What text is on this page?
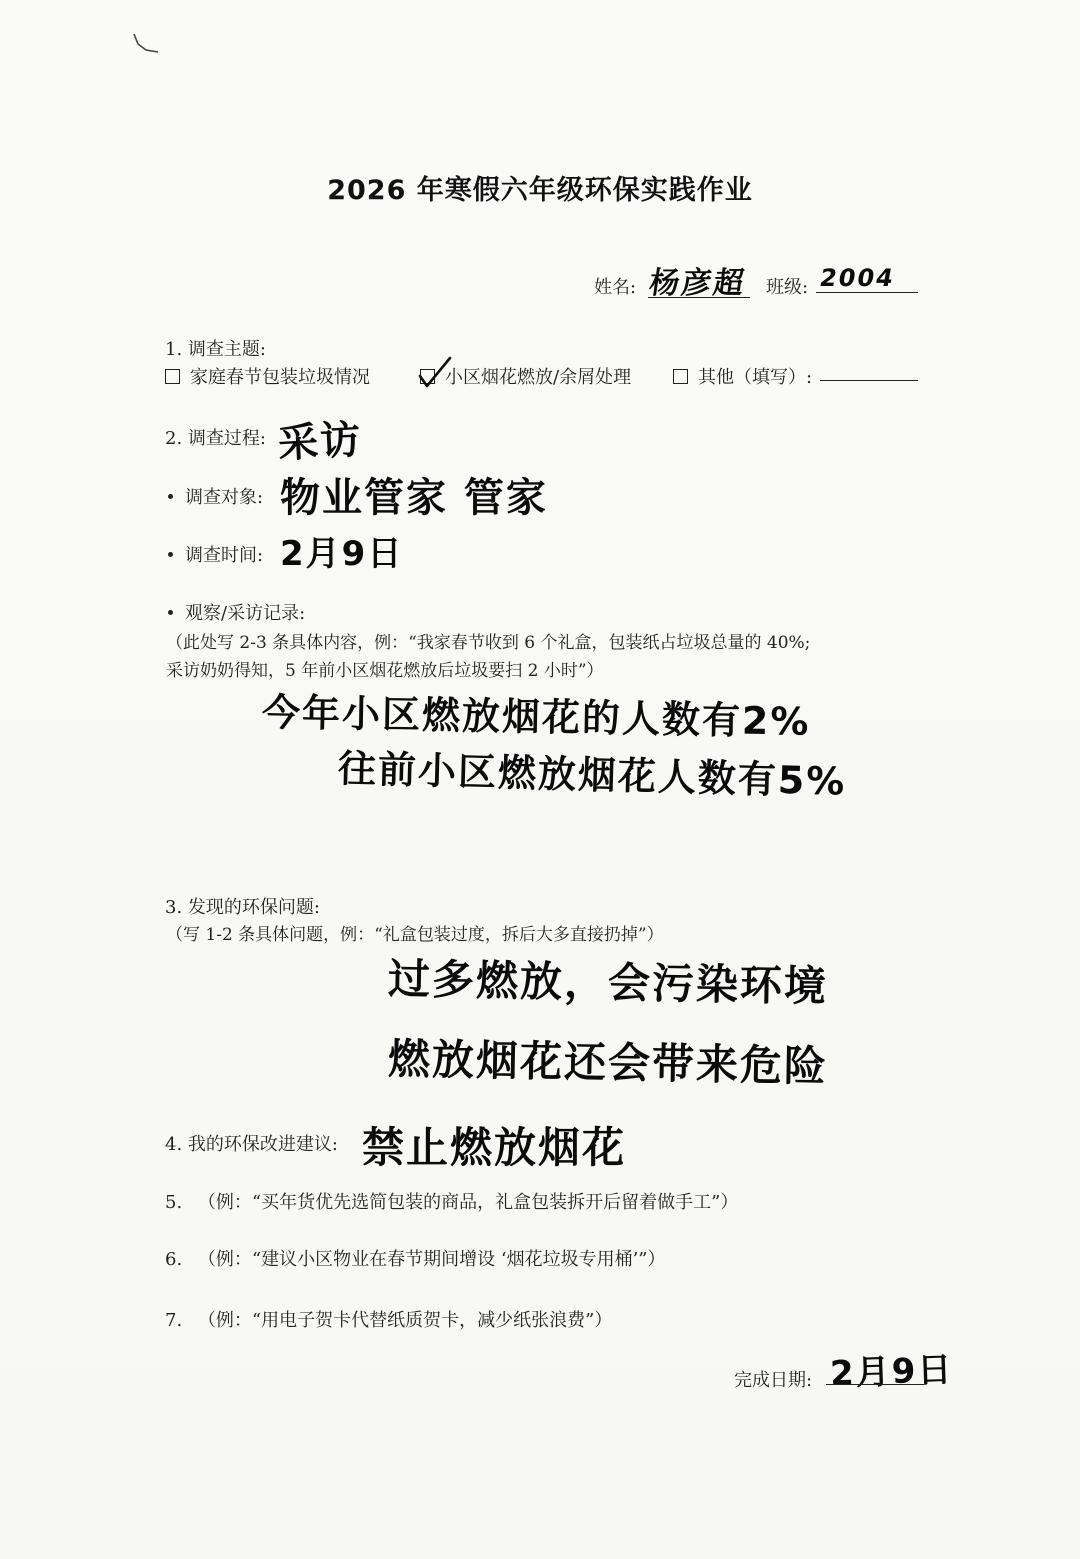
2026 年寒假六年级环保实践作业
姓名: 杨彦超 班级: 2004
1. 调查主题:
家庭春节包装垃圾情况	小区烟花燃放/余屑处理	其他（填写）:
2. 调查过程: 采访
调查对象: 物业管家 管家
调查时间: 2月9日
观察/采访记录:
（此处写 2-3 条具体内容，例：“我家春节收到 6 个礼盒，包装纸占垃圾总量的 40%;
采访奶奶得知，5 年前小区烟花燃放后垃圾要扫 2 小时”）
今年小区燃放烟花的人数有2%
往前小区燃放烟花人数有5%
3. 发现的环保问题:
（写 1-2 条具体问题，例：“礼盒包装过度，拆后大多直接扔掉”）
过多燃放，会污染环境
燃放烟花还会带来危险
4. 我的环保改进建议: 禁止燃放烟花
5. （例：“买年货优先选简包装的商品，礼盒包装拆开后留着做手工”）
6. （例：“建议小区物业在春节期间增设 ‘烟花垃圾专用桶’”）
7. （例：“用电子贺卡代替纸质贺卡，减少纸张浪费”）
完成日期: 2月9日
